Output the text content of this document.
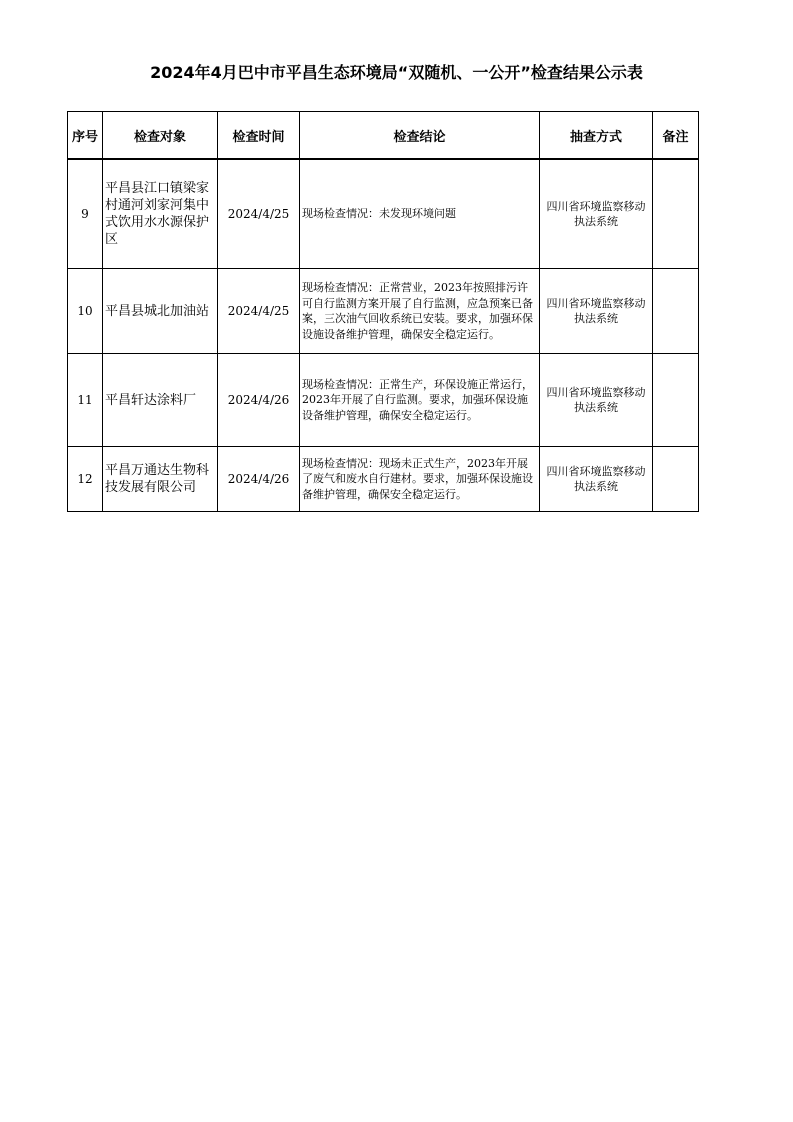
2024年4月巴中市平昌生态环境局“双随机、一公开”检查结果公示表
序号	检查对象	检查时间	检查结论	抽查方式	备注
9	平昌县江口镇梁家村通河刘家河集中式饮用水水源保护区	2024/4/25	现场检查情况：未发现环境问题	四川省环境监察移动执法系统	
10	平昌县城北加油站	2024/4/25	现场检查情况：正常营业，2023年按照排污许可自行监测方案开展了自行监测，应急预案已备案，三次油气回收系统已安装。要求，加强环保设施设备维护管理，确保安全稳定运行。	四川省环境监察移动执法系统	
11	平昌轩达涂料厂	2024/4/26	现场检查情况：正常生产，环保设施正常运行，2023年开展了自行监测。要求，加强环保设施设备维护管理，确保安全稳定运行。	四川省环境监察移动执法系统	
12	平昌万通达生物科技发展有限公司	2024/4/26	现场检查情况：现场未正式生产，2023年开展了废气和废水自行建材。要求，加强环保设施设备维护管理，确保安全稳定运行。	四川省环境监察移动执法系统	
